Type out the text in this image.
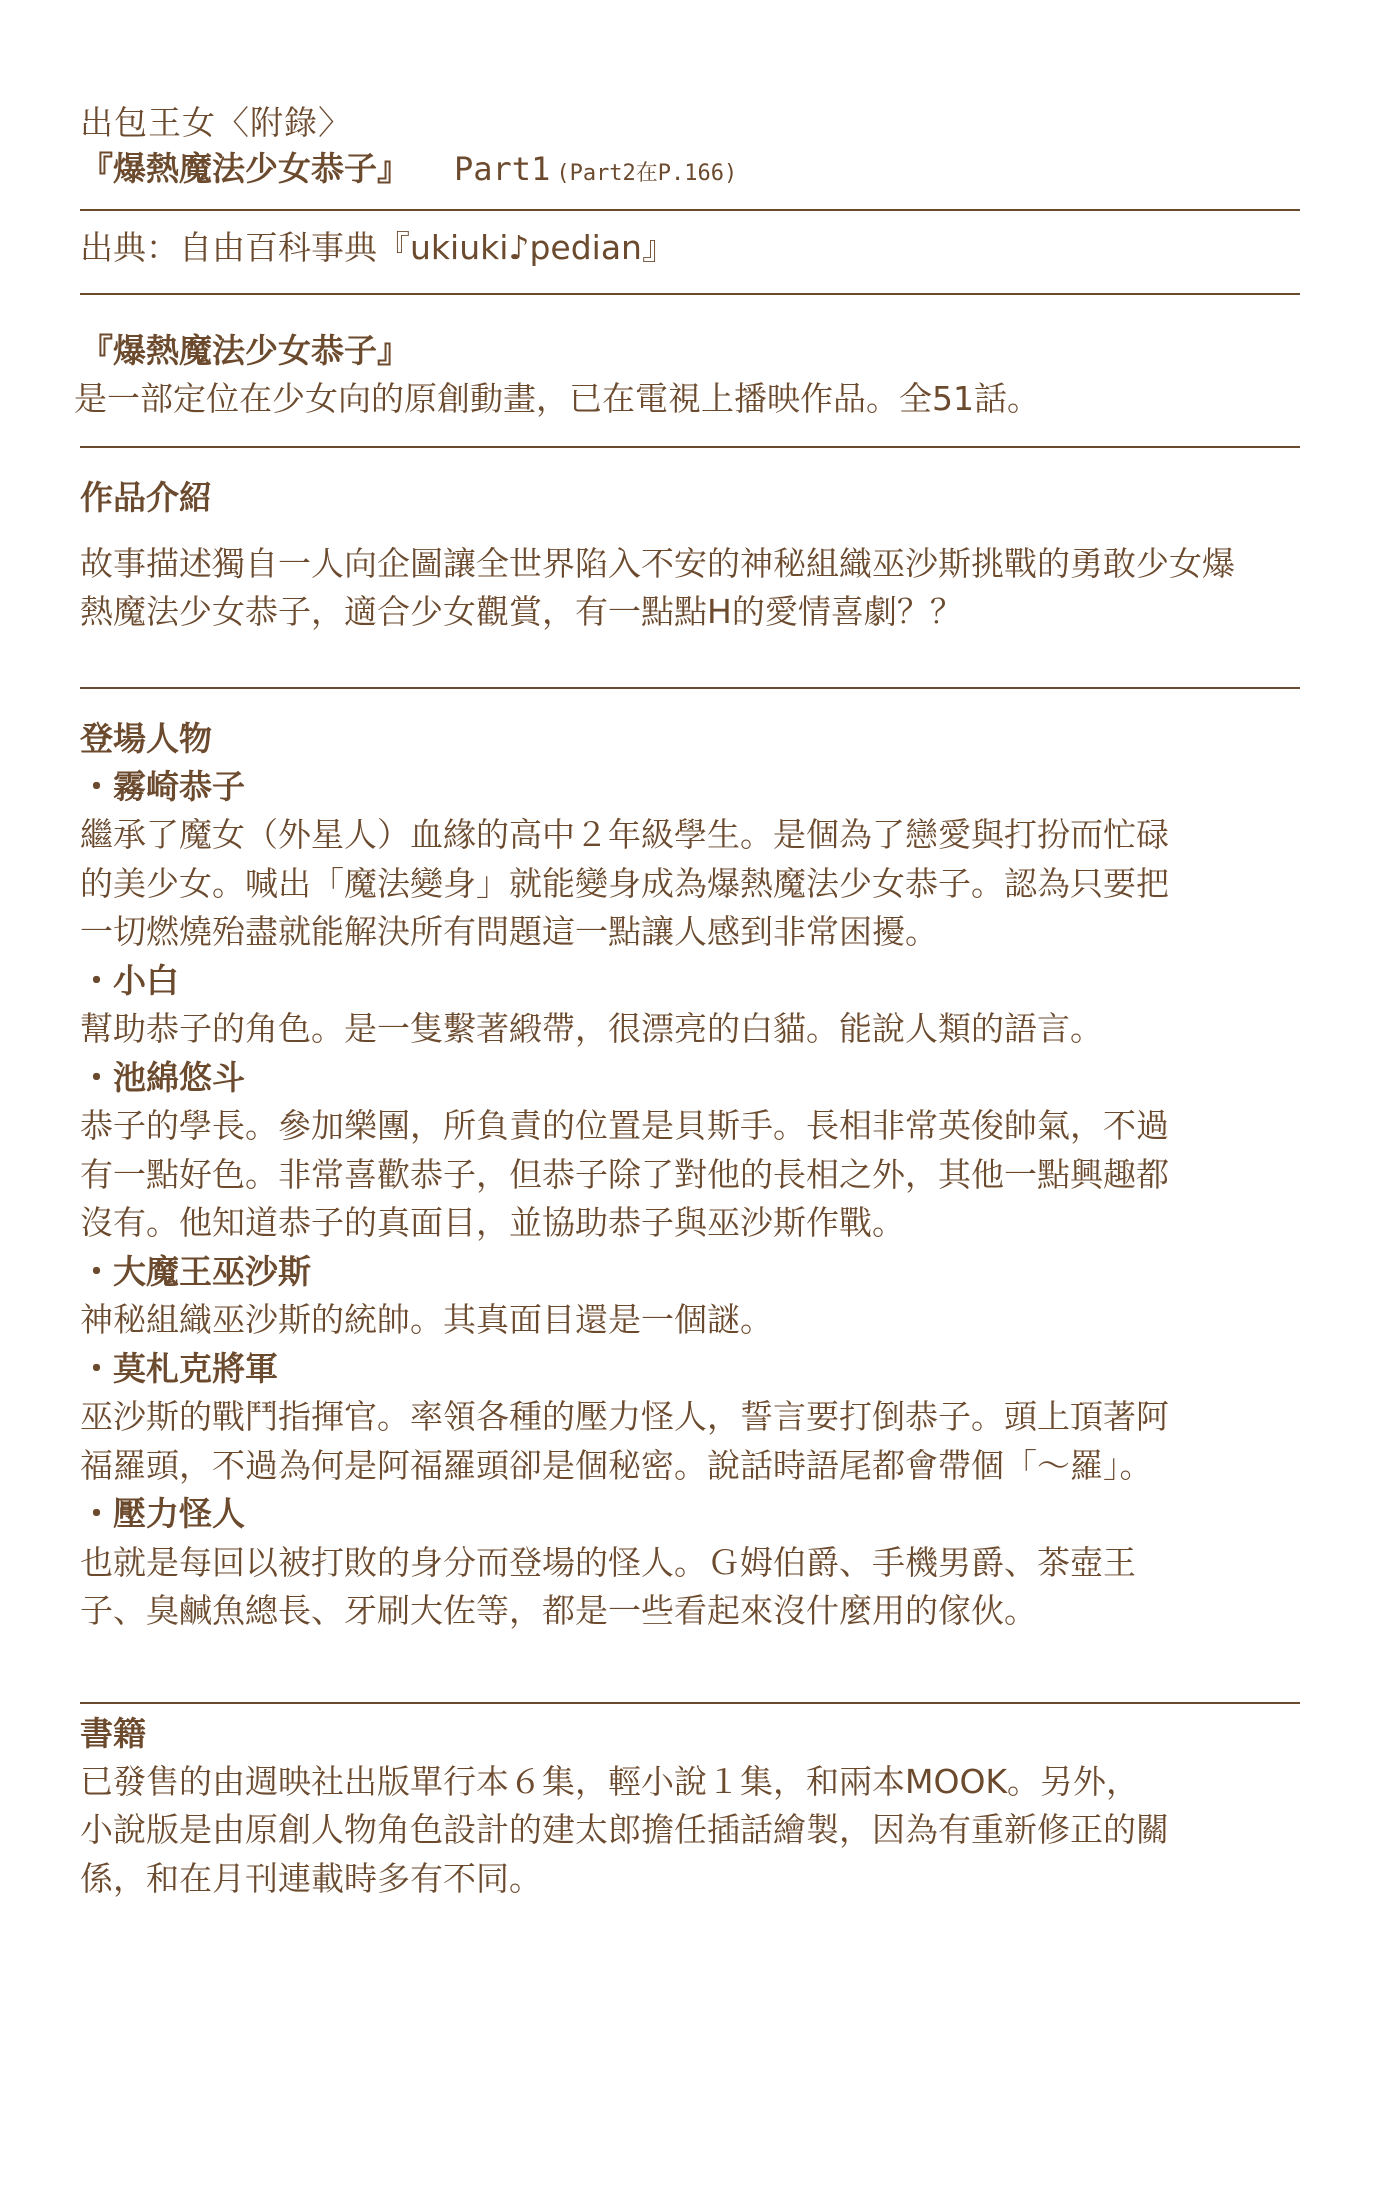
出包王女〈附錄〉
『爆熱魔法少女恭子』 Part1 (Part2在P.166)
出典：自由百科事典『ukiuki♪pedian』
『爆熱魔法少女恭子』
是一部定位在少女向的原創動畫，已在電視上播映作品。全51話。
作品介紹
故事描述獨自一人向企圖讓全世界陷入不安的神秘組織巫沙斯挑戰的勇敢少女爆熱魔法少女恭子，適合少女觀賞，有一點點H的愛情喜劇？？
登場人物
・霧崎恭子
繼承了魔女（外星人）血緣的高中２年級學生。是個為了戀愛與打扮而忙碌的美少女。喊出「魔法變身」就能變身成為爆熱魔法少女恭子。認為只要把一切燃燒殆盡就能解決所有問題這一點讓人感到非常困擾。
・小白
幫助恭子的角色。是一隻繫著緞帶，很漂亮的白貓。能說人類的語言。
・池綿悠斗
恭子的學長。參加樂團，所負責的位置是貝斯手。長相非常英俊帥氣，不過有一點好色。非常喜歡恭子，但恭子除了對他的長相之外，其他一點興趣都沒有。他知道恭子的真面目，並協助恭子與巫沙斯作戰。
・大魔王巫沙斯
神秘組織巫沙斯的統帥。其真面目還是一個謎。
・莫札克將軍
巫沙斯的戰鬥指揮官。率領各種的壓力怪人，誓言要打倒恭子。頭上頂著阿福羅頭，不過為何是阿福羅頭卻是個秘密。說話時語尾都會帶個「～羅」。
・壓力怪人
也就是每回以被打敗的身分而登場的怪人。Ｇ姆伯爵、手機男爵、茶壺王子、臭鹹魚總長、牙刷大佐等，都是一些看起來沒什麼用的傢伙。
書籍
已發售的由週映社出版單行本６集，輕小說１集，和兩本MOOK。另外，小說版是由原創人物角色設計的建太郎擔任插話繪製，因為有重新修正的關係，和在月刊連載時多有不同。
